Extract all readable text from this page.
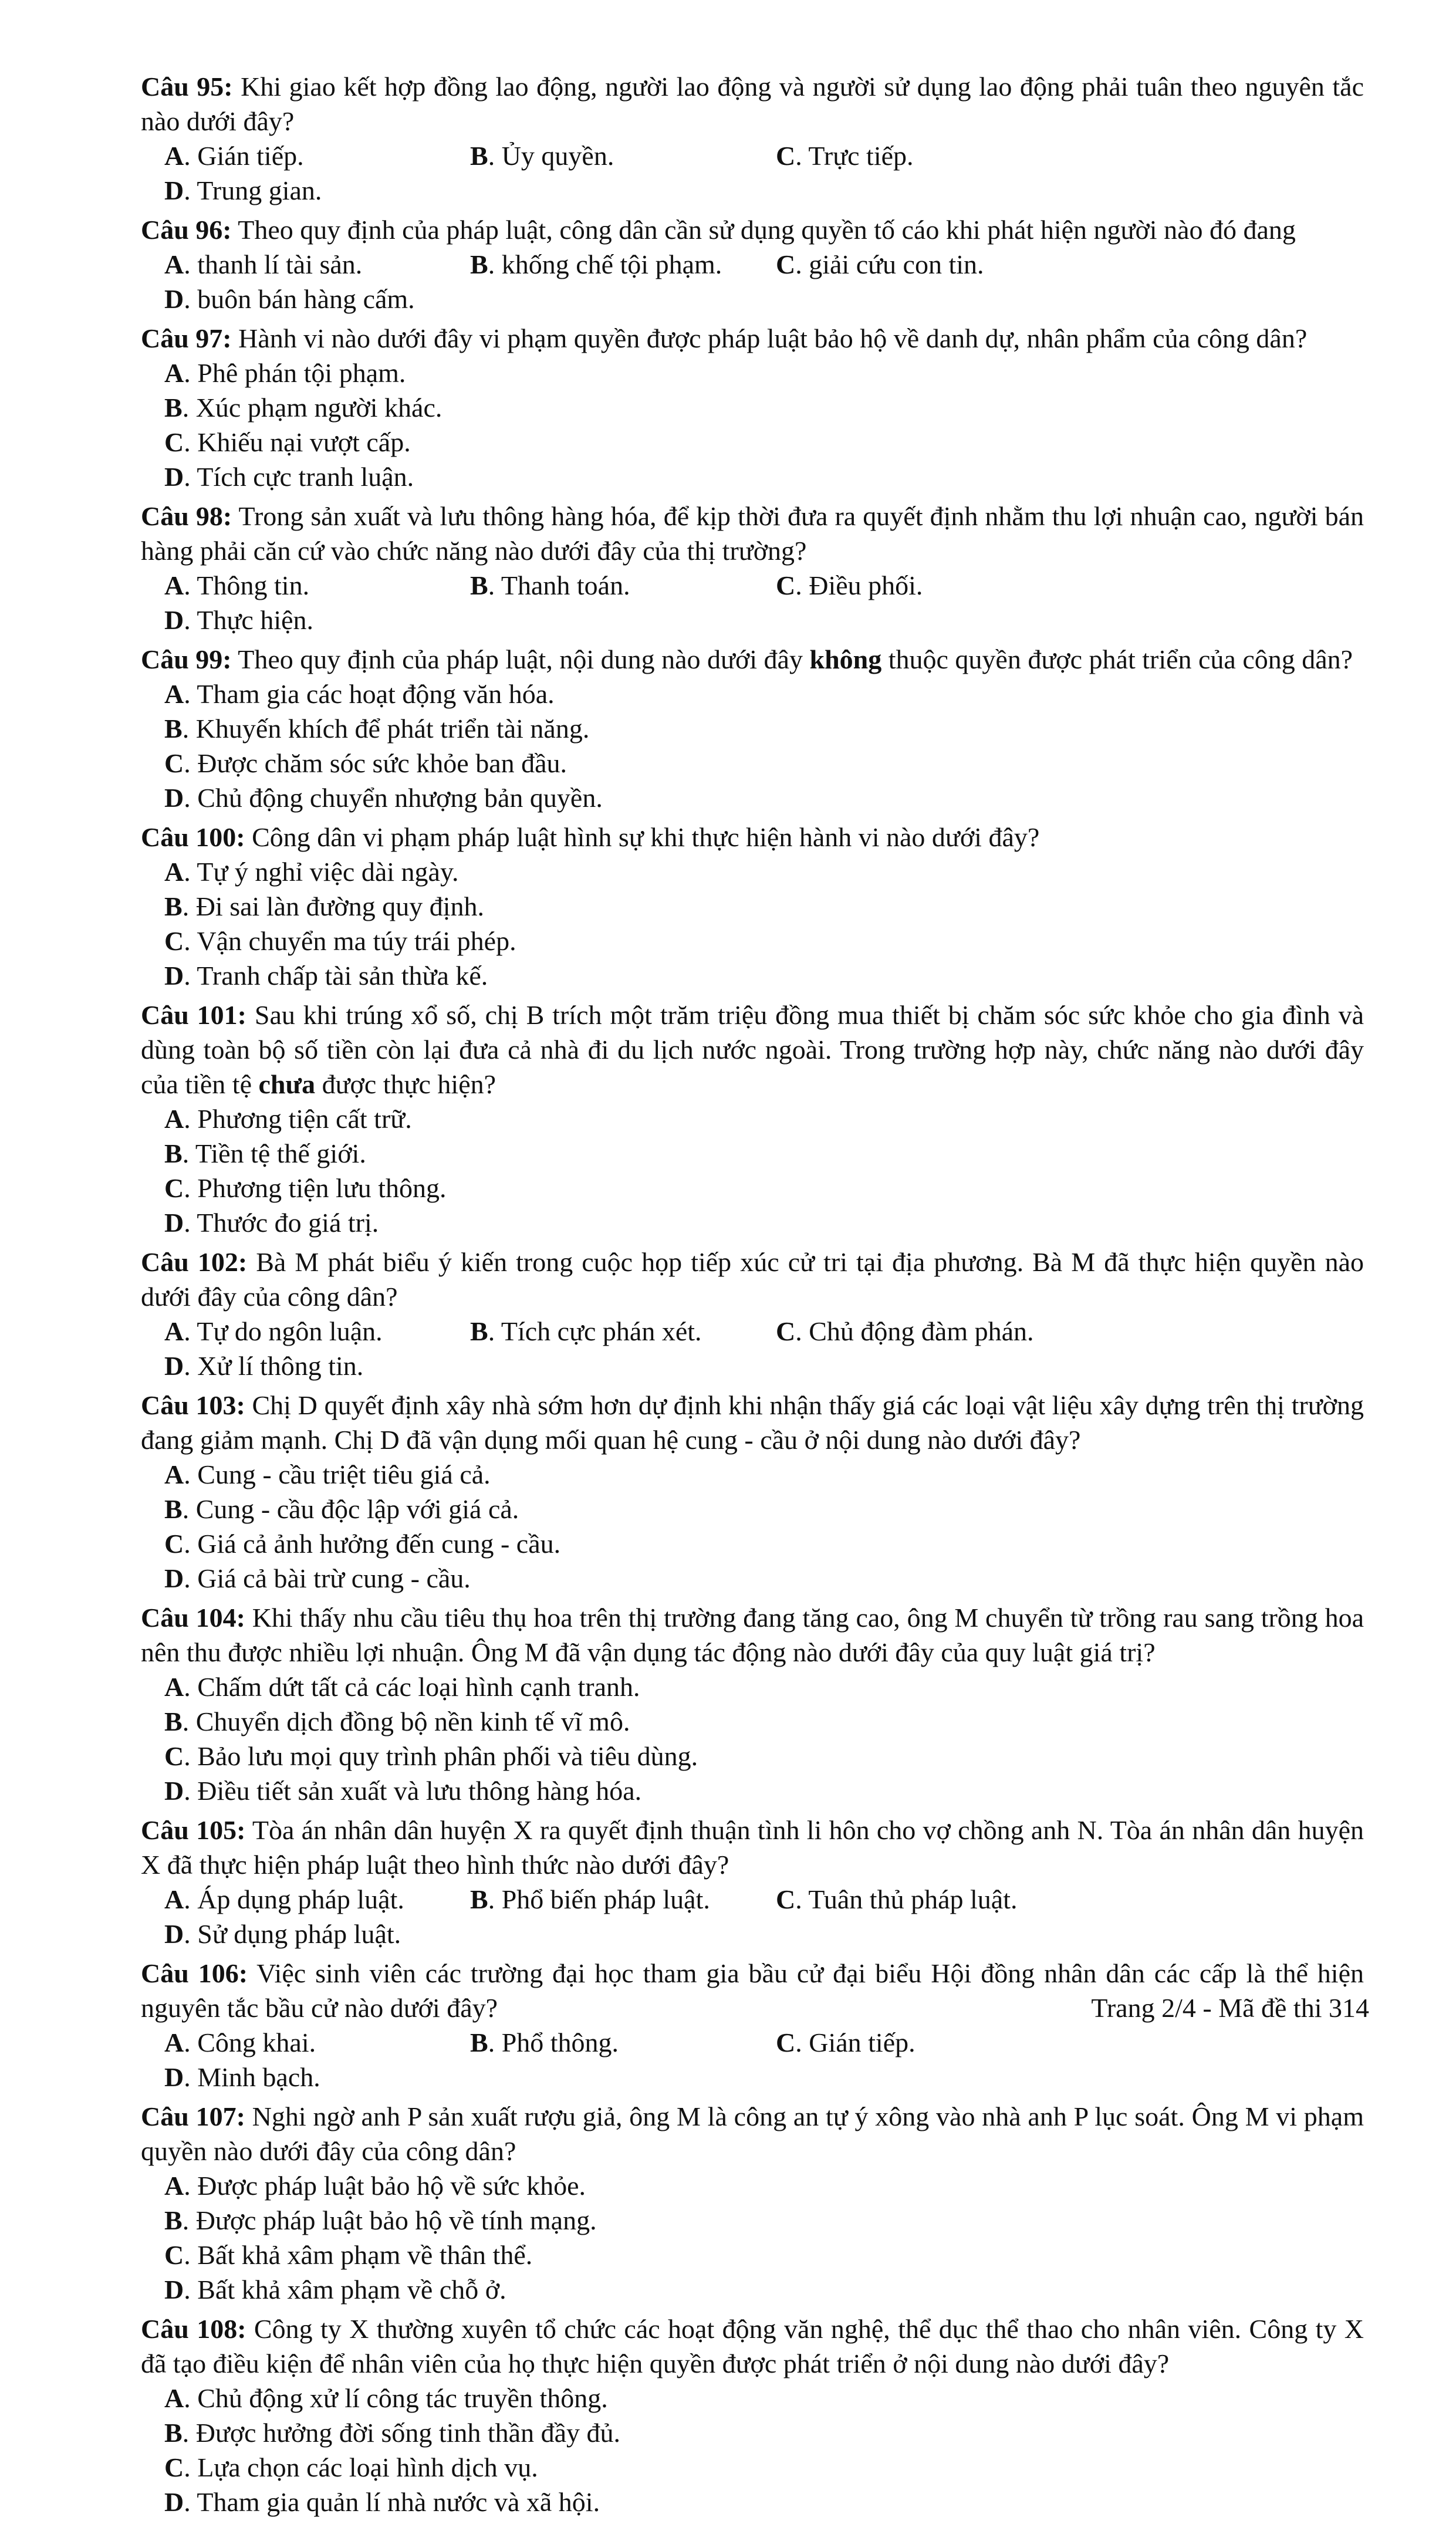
Câu 95: Khi giao kết hợp đồng lao động, người lao động và người sử dụng lao động phải tuân theo nguyên tắc nào dưới đây?
A. Gián tiếp.	B. Ủy quyền.	C. Trực tiếp.
D. Trung gian.
Câu 96: Theo quy định của pháp luật, công dân cần sử dụng quyền tố cáo khi phát hiện người nào đó đang
A. thanh lí tài sản.	B. khống chế tội phạm.	C. giải cứu con tin.
D. buôn bán hàng cấm.
Câu 97: Hành vi nào dưới đây vi phạm quyền được pháp luật bảo hộ về danh dự, nhân phẩm của công dân?
A. Phê phán tội phạm.
B. Xúc phạm người khác.
C. Khiếu nại vượt cấp.
D. Tích cực tranh luận.
Câu 98: Trong sản xuất và lưu thông hàng hóa, để kịp thời đưa ra quyết định nhằm thu lợi nhuận cao, người bán hàng phải căn cứ vào chức năng nào dưới đây của thị trường?
A. Thông tin.	B. Thanh toán.	C. Điều phối.
D. Thực hiện.
Câu 99: Theo quy định của pháp luật, nội dung nào dưới đây không thuộc quyền được phát triển của công dân?
A. Tham gia các hoạt động văn hóa.
B. Khuyến khích để phát triển tài năng.
C. Được chăm sóc sức khỏe ban đầu.
D. Chủ động chuyển nhượng bản quyền.
Câu 100: Công dân vi phạm pháp luật hình sự khi thực hiện hành vi nào dưới đây?
A. Tự ý nghỉ việc dài ngày.
B. Đi sai làn đường quy định.
C. Vận chuyển ma túy trái phép.
D. Tranh chấp tài sản thừa kế.
Câu 101: Sau khi trúng xổ số, chị B trích một trăm triệu đồng mua thiết bị chăm sóc sức khỏe cho gia đình và dùng toàn bộ số tiền còn lại đưa cả nhà đi du lịch nước ngoài. Trong trường hợp này, chức năng nào dưới đây của tiền tệ chưa được thực hiện?
A. Phương tiện cất trữ.
B. Tiền tệ thế giới.
C. Phương tiện lưu thông.
D. Thước đo giá trị.
Câu 102: Bà M phát biểu ý kiến trong cuộc họp tiếp xúc cử tri tại địa phương. Bà M đã thực hiện quyền nào dưới đây của công dân?
A. Tự do ngôn luận.	B. Tích cực phán xét.	C. Chủ động đàm phán.
D. Xử lí thông tin.
Câu 103: Chị D quyết định xây nhà sớm hơn dự định khi nhận thấy giá các loại vật liệu xây dựng trên thị trường đang giảm mạnh. Chị D đã vận dụng mối quan hệ cung - cầu ở nội dung nào dưới đây?
A. Cung - cầu triệt tiêu giá cả.
B. Cung - cầu độc lập với giá cả.
C. Giá cả ảnh hưởng đến cung - cầu.
D. Giá cả bài trừ cung - cầu.
Câu 104: Khi thấy nhu cầu tiêu thụ hoa trên thị trường đang tăng cao, ông M chuyển từ trồng rau sang trồng hoa nên thu được nhiều lợi nhuận. Ông M đã vận dụng tác động nào dưới đây của quy luật giá trị?
A. Chấm dứt tất cả các loại hình cạnh tranh.
B. Chuyển dịch đồng bộ nền kinh tế vĩ mô.
C. Bảo lưu mọi quy trình phân phối và tiêu dùng.
D. Điều tiết sản xuất và lưu thông hàng hóa.
Câu 105: Tòa án nhân dân huyện X ra quyết định thuận tình li hôn cho vợ chồng anh N. Tòa án nhân dân huyện X đã thực hiện pháp luật theo hình thức nào dưới đây?
A. Áp dụng pháp luật.	B. Phổ biến pháp luật.	C. Tuân thủ pháp luật.
D. Sử dụng pháp luật.
Câu 106: Việc sinh viên các trường đại học tham gia bầu cử đại biểu Hội đồng nhân dân các cấp là thể hiện nguyên tắc bầu cử nào dưới đây?
A. Công khai.	B. Phổ thông.	C. Gián tiếp.
D. Minh bạch.
Câu 107: Nghi ngờ anh P sản xuất rượu giả, ông M là công an tự ý xông vào nhà anh P lục soát. Ông M vi phạm quyền nào dưới đây của công dân?
A. Được pháp luật bảo hộ về sức khỏe.
B. Được pháp luật bảo hộ về tính mạng.
C. Bất khả xâm phạm về thân thể.
D. Bất khả xâm phạm về chỗ ở.
Câu 108: Công ty X thường xuyên tổ chức các hoạt động văn nghệ, thể dục thể thao cho nhân viên. Công ty X đã tạo điều kiện để nhân viên của họ thực hiện quyền được phát triển ở nội dung nào dưới đây?
A. Chủ động xử lí công tác truyền thông.
B. Được hưởng đời sống tinh thần đầy đủ.
C. Lựa chọn các loại hình dịch vụ.
D. Tham gia quản lí nhà nước và xã hội.
Trang 2/4 - Mã đề thi 314
